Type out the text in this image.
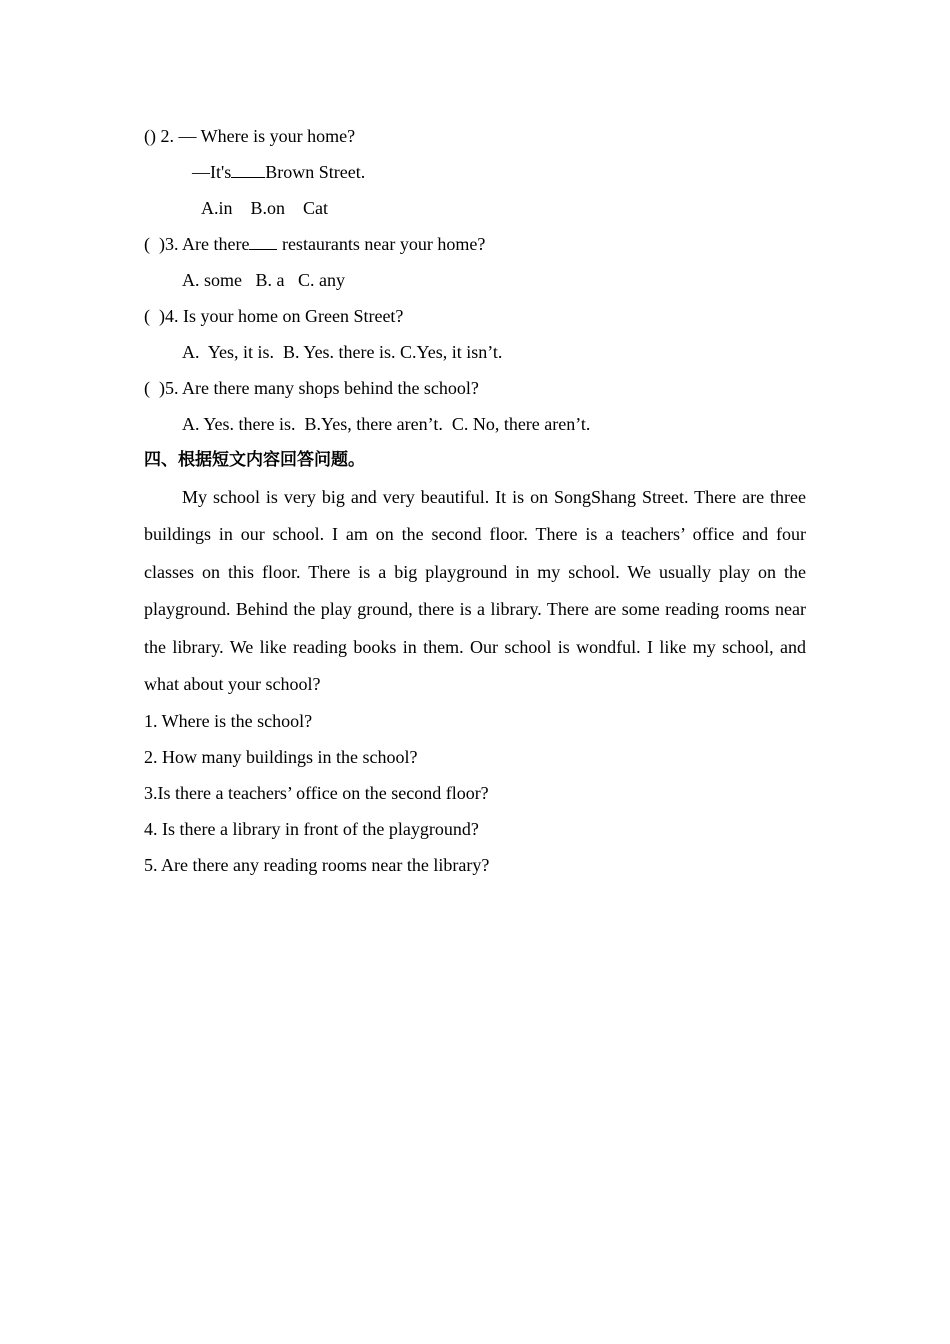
() 2. — Where is your home?
—It's Brown Street.
A.in    B.on    Cat
(  )3. Are there restaurants near your home?
A. some   B. a   C. any
(  )4. Is your home on Green Street?
A.  Yes, it is.  B. Yes. there is. C.Yes, it isn’t.
(  )5. Are there many shops behind the school?
A. Yes. there is.  B.Yes, there aren’t.  C. No, there aren’t.
四、根据短文内容回答问题。
My school is very big and very beautiful. It is on SongShang Street. There are three buildings in our school. I am on the second floor. There is a teachers’ office and four classes on this floor. There is a big playground in my school. We usually play on the playground. Behind the play ground, there is a library. There are some reading rooms near the library. We like reading books in them. Our school is wondful. I like my school, and what about your school?
1. Where is the school?
2. How many buildings in the school?
3.Is there a teachers’ office on the second floor?
4. Is there a library in front of the playground?
5. Are there any reading rooms near the library?
